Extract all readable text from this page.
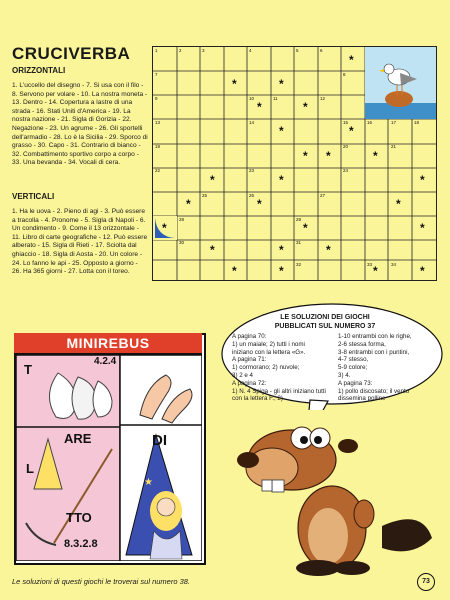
CRUCIVERBA
ORIZZONTALI
1. L'uccello del disegno - 7. Si usa con il filo - 8. Servono per volare - 10. La nostra moneta - 13. Dentro - 14. Copertura a lastre di una strada - 16. Stati Uniti d'America - 19. La nostra nazione - 21. Sigla di Gorizia - 22. Negazione - 23. Un agrume - 26. Gli sportelli dell'armadio - 28. Lo è la Sicilia - 29. Sporco di grasso - 30. Capo - 31. Contrario di bianco - 32. Combattimento sportivo corpo a corpo - 33. Una bevanda - 34. Vocali di cera.
VERTICALI
1. Ha le uova - 2. Pieno di agi - 3. Può essere a tracolla - 4. Pronome - 5. Sigla di Napoli - 6. Un condimento - 9. Come il 13 orizzontale - 11. Libro di carte geografiche - 12. Può essere alberato - 15. Sigla di Rieti - 17. Sciolta dal ghiaccio - 18. Sigla di Aosta - 20. Un colore - 24. Lo fanno le api - 25. Opposto a giorno - 26. Ha 365 giorni - 27. Lotta con il toreo.
1	2	3	4	5	6
7	8
9	10	11	12
13	14	15	16	17	18
19	20	21
22	23	24
25	26	27
28	29
30	31
32	33	34
*
*	*
*	*
*	*
* *	*
*	*	*
*	*	*
*	*	*
*	*	*
*	*	*	*
LE SOLUZIONI DEI GIOCHI
PUBBLICATI SUL NUMERO 37
A pagina 70:
1) un maiale; 2) tutti i nomi iniziano con la lettera «G».
A pagina 71:
1) cormorano; 2) nuvole;
3) 2 e 4
A pagina 72:
1) N. 4 Spiga - gli altri iniziano tutti con la lettera F.; 2)
1-10 entrambi con le righe,
2-6 stessa forma,
3-8 entrambi con i puntini,
4-7 stesso,
5-9 colore;
3) 4.
A pagina 73:
1) pollo discosato; il vento dissemina polline
MINIREBUS
★
4.2.4
T
ARE
L
DI
TTO
8.3.2.8
Le soluzioni di questi giochi le troverai sul numero 38.	73
